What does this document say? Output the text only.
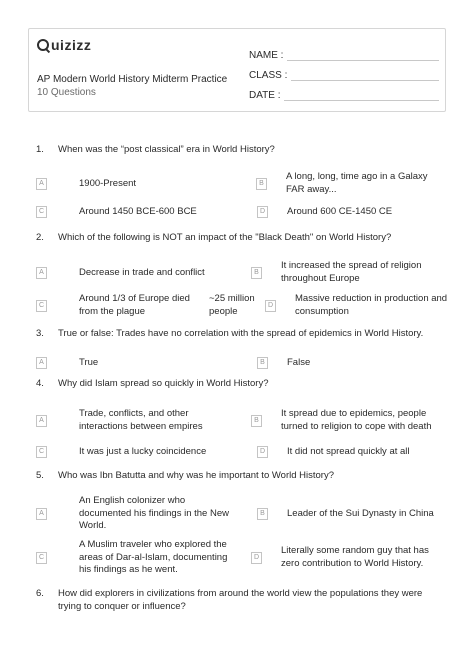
uizizz
AP Modern World History Midterm Practice
10 Questions
NAME :
CLASS :
DATE :
1.	When was the “post classical” era in World History?
A	1900-Present	B
A long, long, time ago in a Galaxy FAR away...
C	Around 1450 BCE-600 BCE	D	Around 600 CE-1450 CE
2.	Which of the following is NOT an impact of the "Black Death" on World History?
A	Decrease in trade and conflict	B
It increased the spread of religion throughout Europe
C
Around 1/3 of Europe died from the plague
~25 million people
D
Massive reduction in production and consumption
3.	True or false: Trades have no correlation with the spread of epidemics in World History.
A	True	B	False
4.	Why did Islam spread so quickly in World History?
A
Trade, conflicts, and other interactions between empires
B
It spread due to epidemics, people turned to religion to cope with death
C	It was just a lucky coincidence	D	It did not spread quickly at all
5.	Who was Ibn Batutta and why was he important to World History?
A
An English colonizer who documented his findings in the New World.
B	Leader of the Sui Dynasty in China
C
A Muslim traveler who explored the areas of Dar-al-Islam, documenting his findings as he went.
D
Literally some random guy that has zero contribution to World History.
6.	How did explorers in civilizations from around the world view the populations they were trying to conquer or influence?
